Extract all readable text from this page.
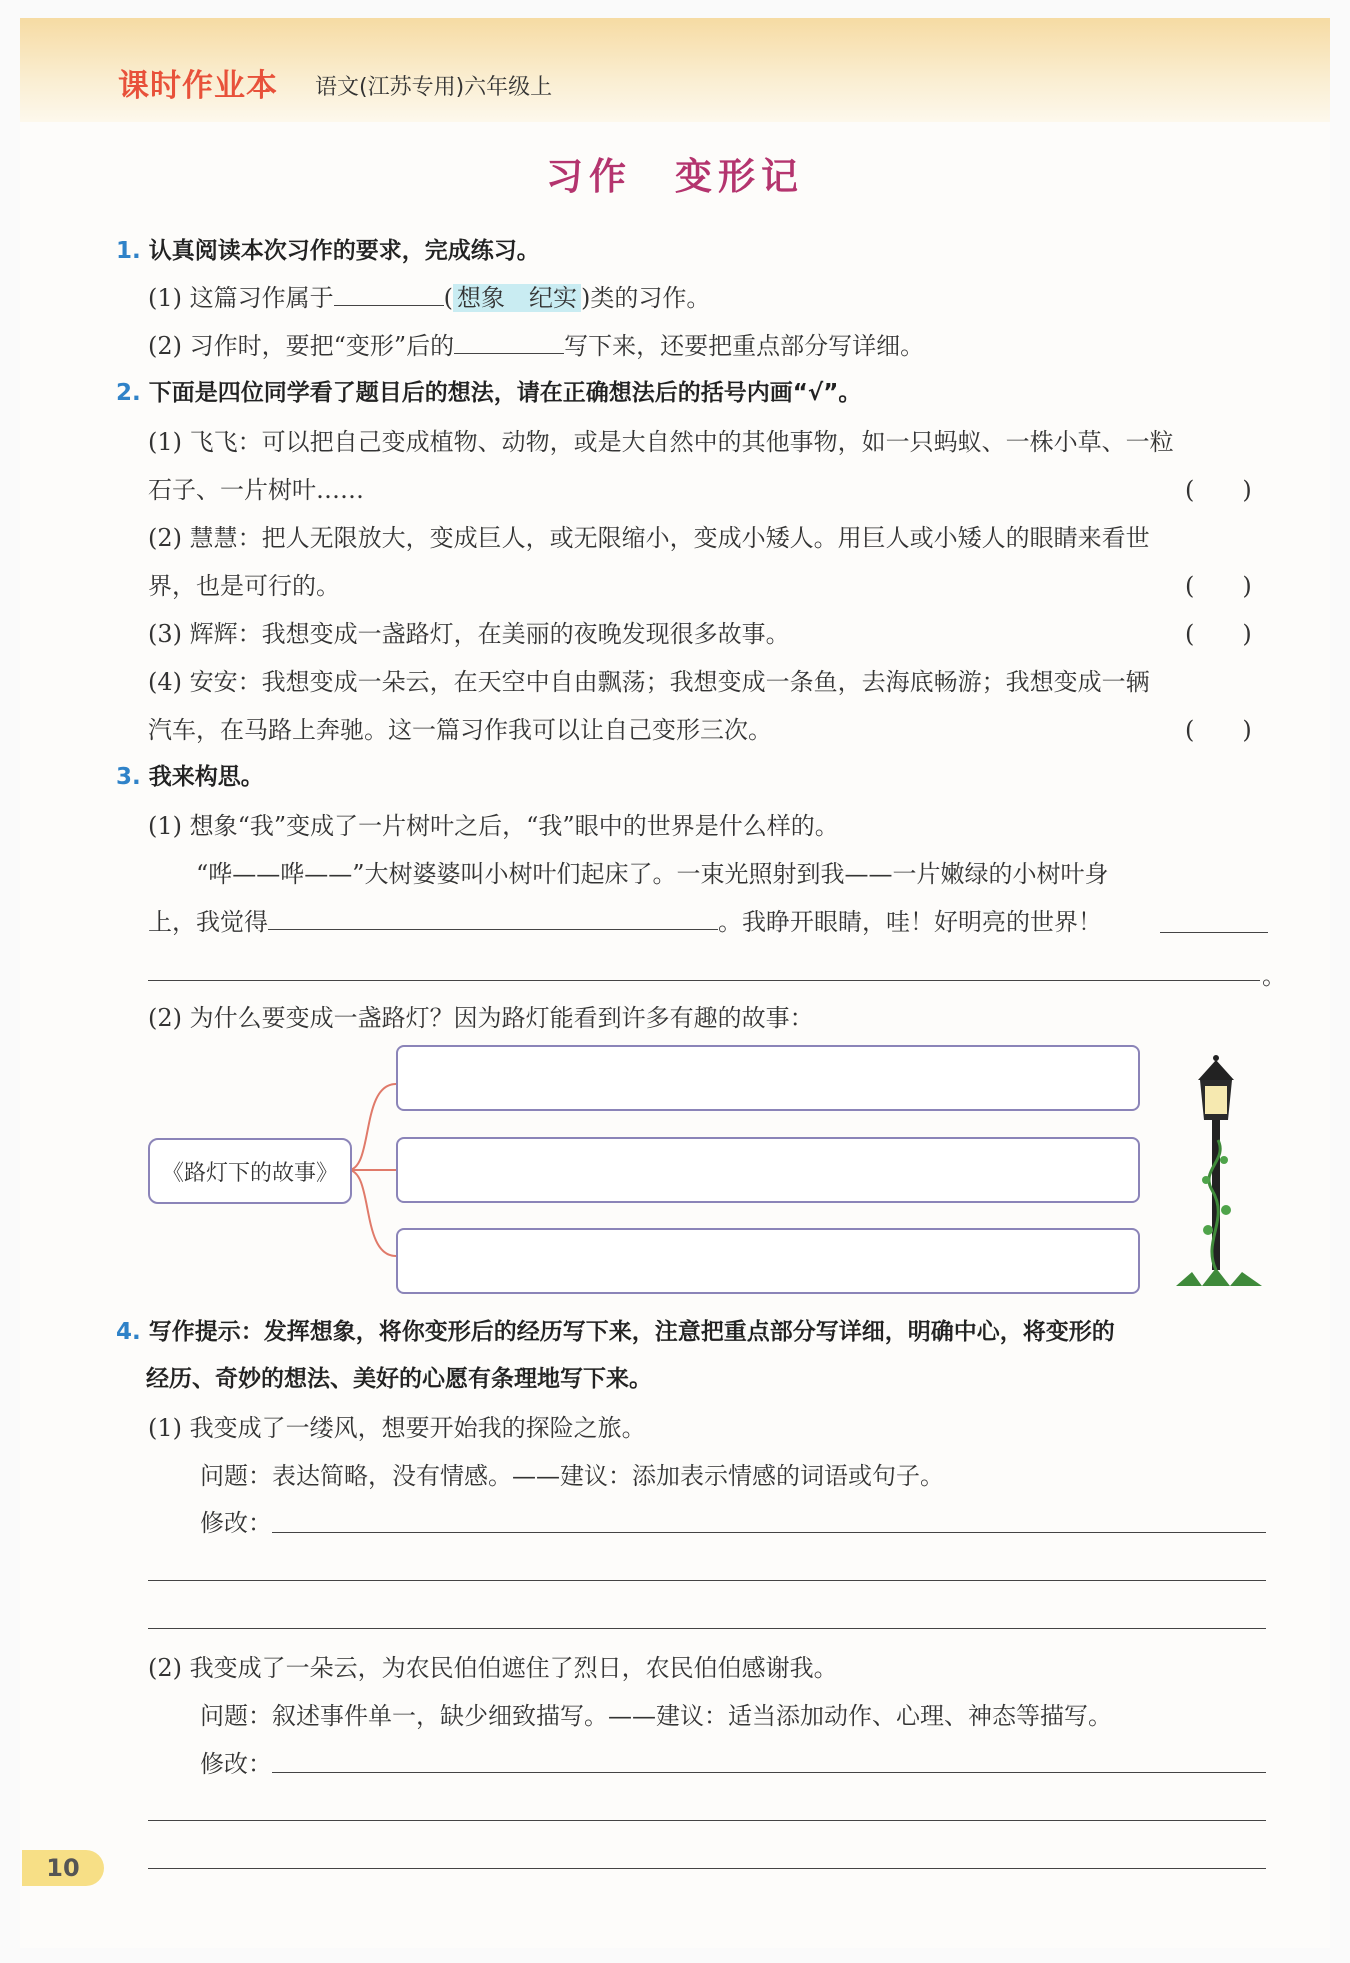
课时作业本 语文(江苏专用)六年级上
习作　变形记
1. 认真阅读本次习作的要求，完成练习。
(1) 这篇习作属于	( 想象　纪实 )类的习作。
(2) 习作时，要把“变形”后的	写下来，还要把重点部分写详细。
2. 下面是四位同学看了题目后的想法，请在正确想法后的括号内画“√”。
(1) 飞飞：可以把自己变成植物、动物，或是大自然中的其他事物，如一只蚂蚁、一株小草、一粒
石子、一片树叶……	(　　)
(2) 慧慧：把人无限放大，变成巨人，或无限缩小，变成小矮人。用巨人或小矮人的眼睛来看世
界，也是可行的。	(　　)
(3) 辉辉：我想变成一盏路灯，在美丽的夜晚发现很多故事。	(　　)
(4) 安安：我想变成一朵云，在天空中自由飘荡；我想变成一条鱼，去海底畅游；我想变成一辆
汽车，在马路上奔驰。这一篇习作我可以让自己变形三次。	(　　)
3. 我来构思。
(1) 想象“我”变成了一片树叶之后，“我”眼中的世界是什么样的。
“哗——哗——”大树婆婆叫小树叶们起床了。一束光照射到我——一片嫩绿的小树叶身
上，我觉得	。我睁开眼睛，哇！好明亮的世界！
。
(2) 为什么要变成一盏路灯？因为路灯能看到许多有趣的故事：
《路灯下的故事》
4. 写作提示：发挥想象，将你变形后的经历写下来，注意把重点部分写详细，明确中心，将变形的
经历、奇妙的想法、美好的心愿有条理地写下来。
(1) 我变成了一缕风，想要开始我的探险之旅。
问题：表达简略，没有情感。——建议：添加表示情感的词语或句子。
修改：
(2) 我变成了一朵云，为农民伯伯遮住了烈日，农民伯伯感谢我。
问题：叙述事件单一，缺少细致描写。——建议：适当添加动作、心理、神态等描写。
修改：
10
